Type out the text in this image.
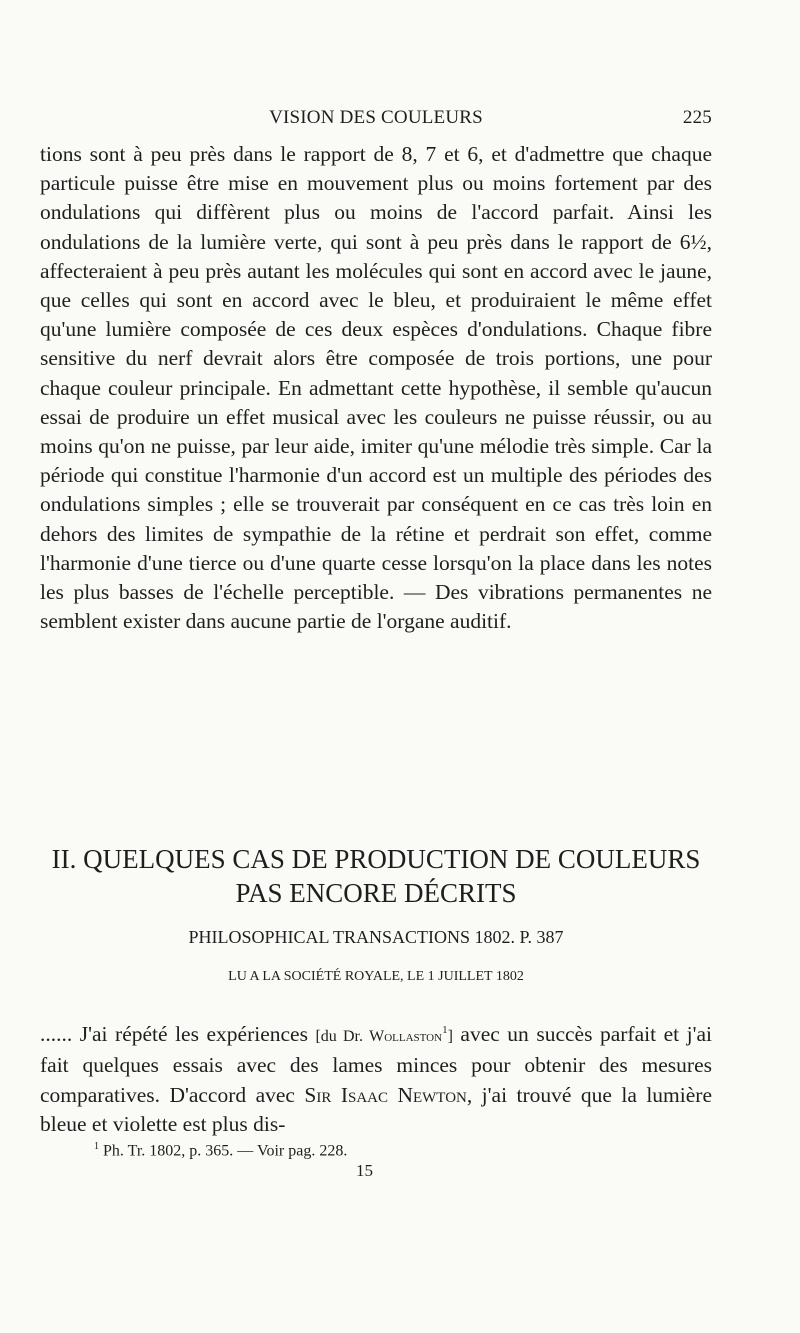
VISION DES COULEURS	225

tions sont à peu près dans le rapport de 8, 7 et 6, et d'admettre que chaque particule puisse être mise en mouvement plus ou moins fortement par des ondulations qui diffèrent plus ou moins de l'accord parfait. Ainsi les ondulations de la lumière verte, qui sont à peu près dans le rapport de 6½, affecteraient à peu près autant les molécules qui sont en accord avec le jaune, que celles qui sont en accord avec le bleu, et produiraient le même effet qu'une lumière composée de ces deux espèces d'ondulations. Chaque fibre sensitive du nerf devrait alors être composée de trois portions, une pour chaque couleur principale. En admettant cette hypothèse, il semble qu'aucun essai de produire un effet musical avec les couleurs ne puisse réussir, ou au moins qu'on ne puisse, par leur aide, imiter qu'une mélodie très simple. Car la période qui constitue l'harmonie d'un accord est un multiple des périodes des ondulations simples ; elle se trouverait par conséquent en ce cas très loin en dehors des limites de sympathie de la rétine et perdrait son effet, comme l'harmonie d'une tierce ou d'une quarte cesse lorsqu'on la place dans les notes les plus basses de l'échelle perceptible. — Des vibrations permanentes ne semblent exister dans aucune partie de l'organe auditif.

II. QUELQUES CAS DE PRODUCTION DE COULEURS
PAS ENCORE DÉCRITS
PHILOSOPHICAL TRANSACTIONS 1802. P. 387
LU A LA SOCIÉTÉ ROYALE, LE 1 JUILLET 1802
...... J'ai répété les expériences [du Dr. Wollaston$^1$] avec un succès parfait et j'ai fait quelques essais avec des lames minces pour obtenir des mesures comparatives. D'accord avec Sir Isaac Newton, j'ai trouvé que la lumière bleue et violette est plus dis-
$^1$ Ph. Tr. 1802, p. 365. — Voir pag. 228.
15
